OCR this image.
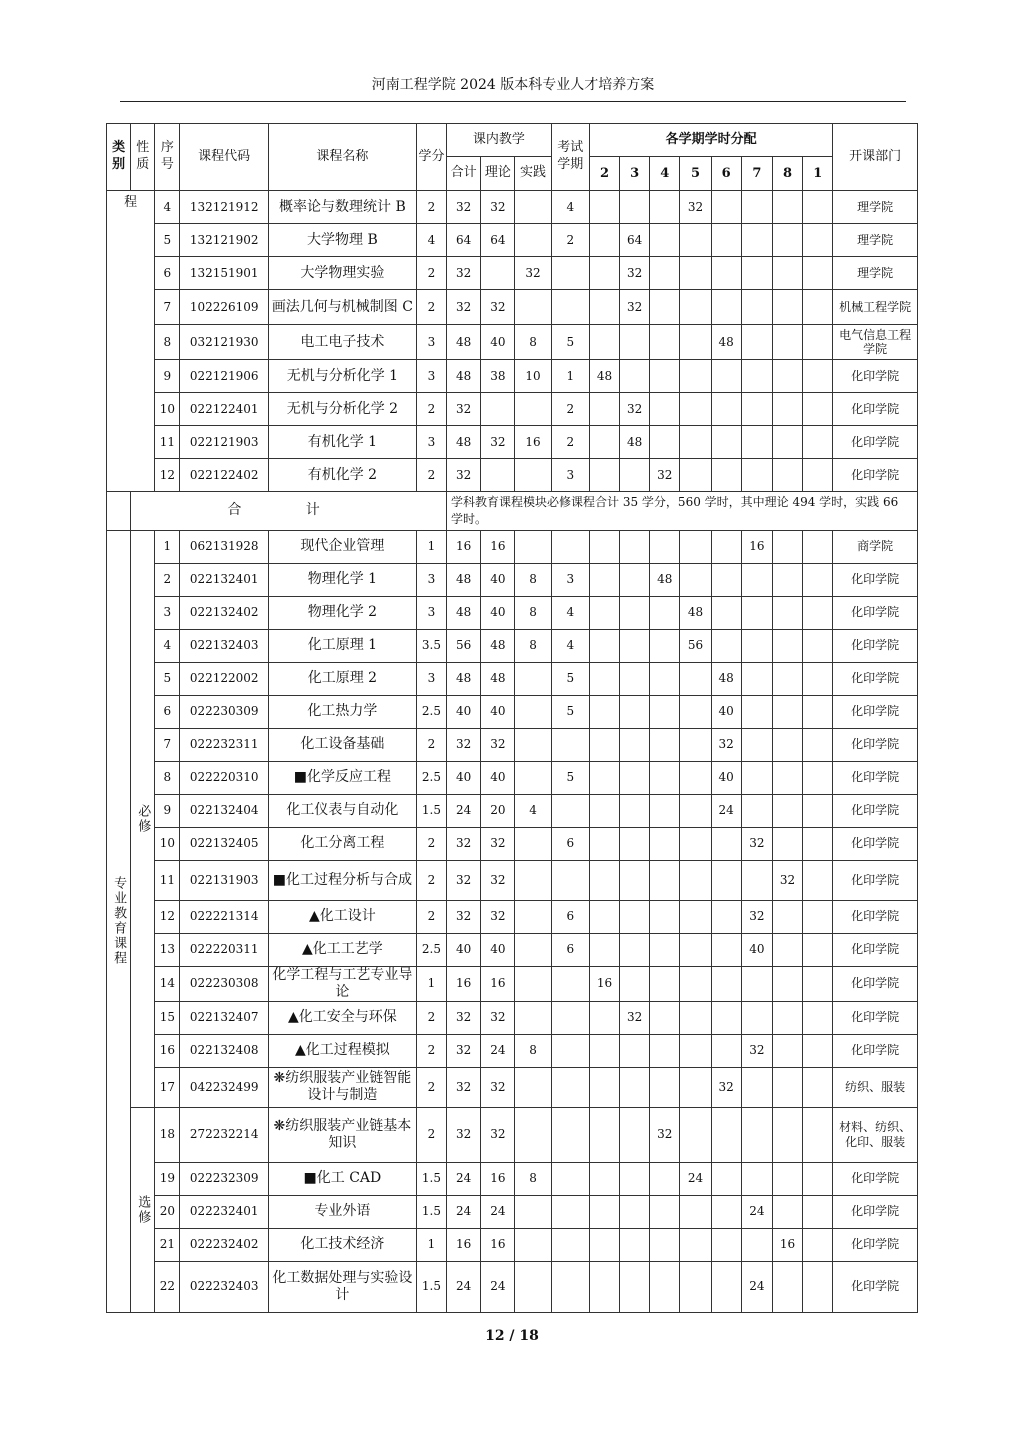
河南工程学院 2024 版本科专业人才培养方案
类别	性质	序号	课程代码	课程名称	学分	课内教学			考试学期	各学期学时分配								开课部门
						合计	理论	实践		2	3	4	5	6	7	8	1	

程		4	132121912	概率论与数理统计 B	2	32	32		4				32					理学院
		5	132121902	大学物理 B	4	64	64		2		64							理学院
		6	132151901	大学物理实验	2	32		32			32							理学院
		7	102226109	画法几何与机械制图 C	2	32	32				32							机械工程学院
		8	032121930	电工电子技术	3	48	40	8	5					48				电气信息工程学院
		9	022121906	无机与分析化学 1	3	48	38	10	1	48								化印学院
		10	022122401	无机与分析化学 2	2	32			2		32							化印学院
		11	022121903	有机化学 1	3	48	32	16	2		48							化印学院
		12	022122402	有机化学 2	2	32			3			32						化印学院
	合 计					学科教育课程模块必修课程合计 35 学分，560 学时，其中理论 494 学时，实践 66 学时。												

专业教育课程	必修	1	062131928	现代企业管理	1	16	16								16			商学院
		2	022132401	物理化学 1	3	48	40	8	3			48						化印学院
		3	022132402	物理化学 2	3	48	40	8	4				48					化印学院
		4	022132403	化工原理 1	3.5	56	48	8	4				56					化印学院
		5	022122002	化工原理 2	3	48	48		5					48				化印学院
		6	022230309	化工热力学	2.5	40	40		5					40				化印学院
		7	022232311	化工设备基础	2	32	32							32				化印学院
		8	022220310	■化学反应工程	2.5	40	40		5					40				化印学院
		9	022132404	化工仪表与自动化	1.5	24	20	4						24				化印学院
		10	022132405	化工分离工程	2	32	32		6						32			化印学院
		11	022131903	■化工过程分析与合成	2	32	32									32		化印学院
		12	022221314	▲化工设计	2	32	32		6						32			化印学院
		13	022220311	▲化工工艺学	2.5	40	40		6						40			化印学院
		14	022230308	化学工程与工艺专业导论	1	16	16			16								化印学院
		15	022132407	▲化工安全与环保	2	32	32				32							化印学院
		16	022132408	▲化工过程模拟	2	32	24	8							32			化印学院
		17	042232499	❋纺织服装产业链智能设计与制造	2	32	32							32				纺织、服装

	选修	18	272232214	❋纺织服装产业链基本知识	2	32	32					32						材料、纺织、化印、服装
		19	022232309	■化工 CAD	1.5	24	16	8					24					化印学院
		20	022232401	专业外语	1.5	24	24								24			化印学院
		21	022232402	化工技术经济	1	16	16									16		化印学院
		22	022232403	化工数据处理与实验设计	1.5	24	24								24			化印学院
12 / 18
